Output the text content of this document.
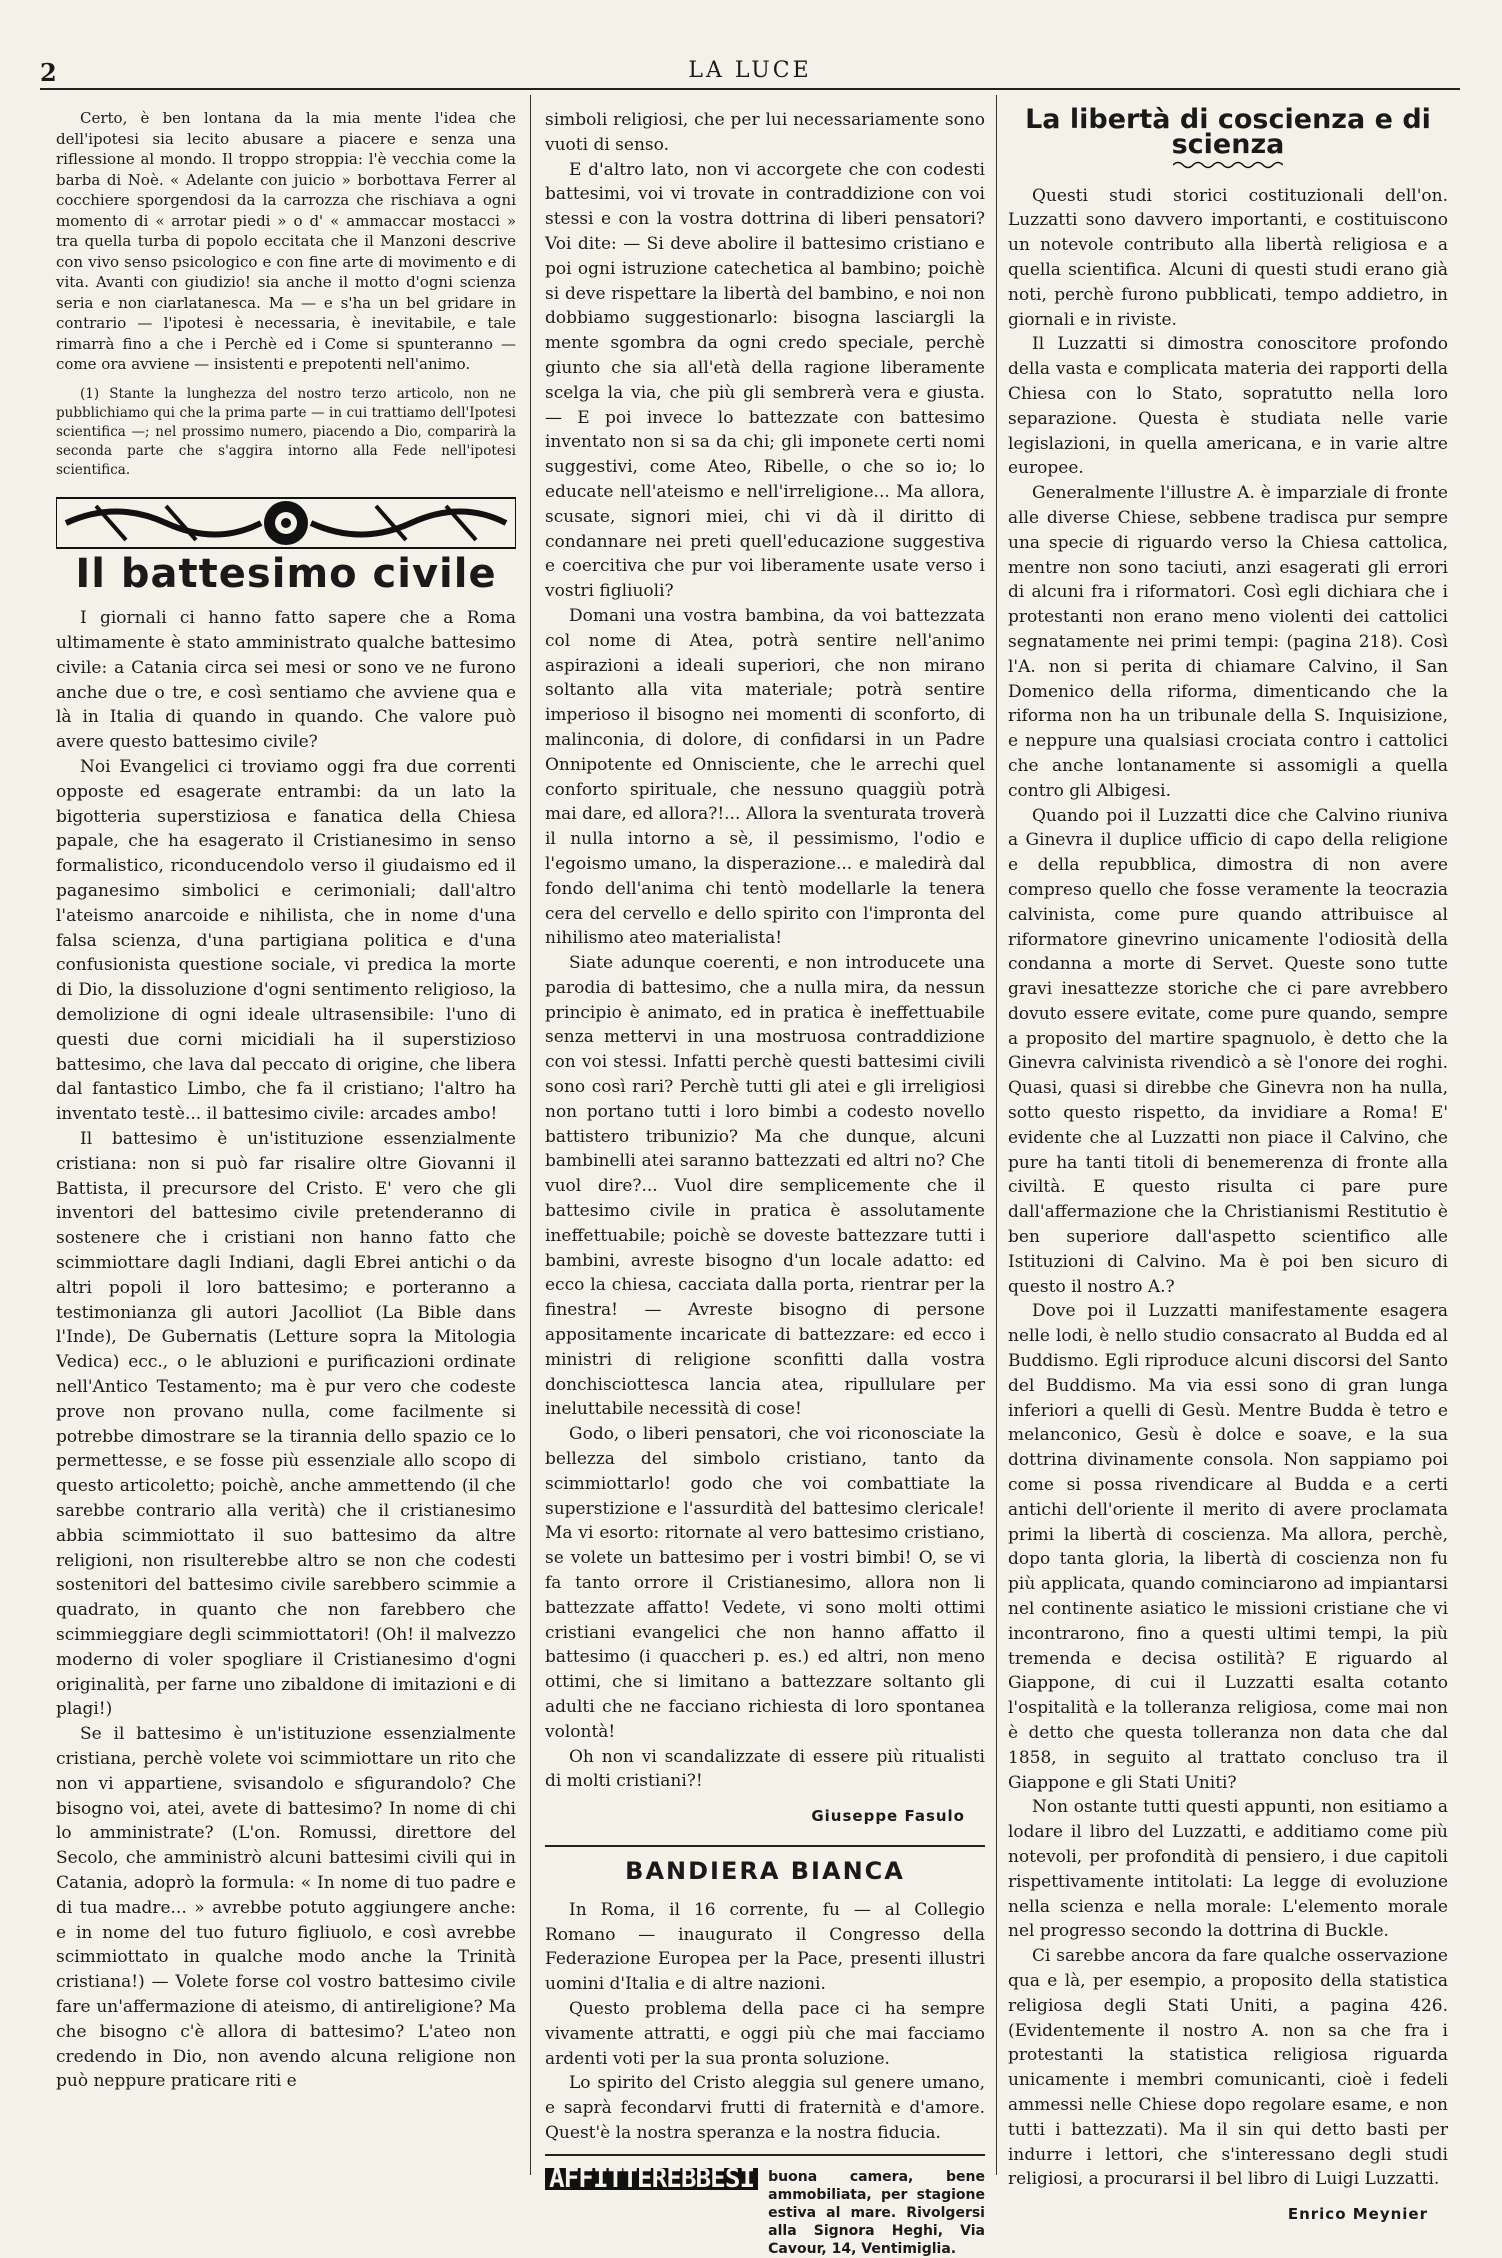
2	LA LUCE

Certo, è ben lontana da la mia mente l'idea che dell'ipotesi sia lecito abusare a piacere e senza una riflessione al mondo. Il troppo stroppia: l'è vecchia come la barba di Noè. « Adelante con juicio » borbottava Ferrer al cocchiere sporgendosi da la carrozza che rischiava a ogni momento di « arrotar piedi » o d' « ammaccar mostacci » tra quella turba di popolo eccitata che il Manzoni descrive con vivo senso psicologico e con fine arte di movimento e di vita. Avanti con giudizio! sia anche il motto d'ogni scienza seria e non ciarlatanesca. Ma — e s'ha un bel gridare in contrario — l'ipotesi è necessaria, è inevitabile, e tale rimarrà fino a che i Perchè ed i Come si spunteranno — come ora avviene — insistenti e prepotenti nell'animo.

(1) Stante la lunghezza del nostro terzo articolo, non ne pubblichiamo qui che la prima parte — in cui trattiamo dell'Ipotesi scientifica —; nel prossimo numero, piacendo a Dio, comparirà la seconda parte che s'aggira intorno alla Fede nell'ipotesi scientifica.

Il battesimo civile

I giornali ci hanno fatto sapere che a Roma ultimamente è stato amministrato qualche battesimo civile: a Catania circa sei mesi or sono ve ne furono anche due o tre, e così sentiamo che avviene qua e là in Italia di quando in quando. Che valore può avere questo battesimo civile?

Noi Evangelici ci troviamo oggi fra due correnti opposte ed esagerate entrambi: da un lato la bigotteria superstiziosa e fanatica della Chiesa papale, che ha esagerato il Cristianesimo in senso formalistico, riconducendolo verso il giudaismo ed il paganesimo simbolici e cerimoniali; dall'altro l'ateismo anarcoide e nihilista, che in nome d'una falsa scienza, d'una partigiana politica e d'una confusionista questione sociale, vi predica la morte di Dio, la dissoluzione d'ogni sentimento religioso, la demolizione di ogni ideale ultrasensibile: l'uno di questi due corni micidiali ha il superstizioso battesimo, che lava dal peccato di origine, che libera dal fantastico Limbo, che fa il cristiano; l'altro ha inventato testè... il battesimo civile: arcades ambo!

Il battesimo è un'istituzione essenzialmente cristiana: non si può far risalire oltre Giovanni il Battista, il precursore del Cristo. E' vero che gli inventori del battesimo civile pretenderanno di sostenere che i cristiani non hanno fatto che scimmiottare dagli Indiani, dagli Ebrei antichi o da altri popoli il loro battesimo; e porteranno a testimonianza gli autori Jacolliot (La Bible dans l'Inde), De Gubernatis (Letture sopra la Mitologia Vedica) ecc., o le abluzioni e purificazioni ordinate nell'Antico Testamento; ma è pur vero che codeste prove non provano nulla, come facilmente si potrebbe dimostrare se la tirannia dello spazio ce lo permettesse, e se fosse più essenziale allo scopo di questo articoletto; poichè, anche ammettendo (il che sarebbe contrario alla verità) che il cristianesimo abbia scimmiottato il suo battesimo da altre religioni, non risulterebbe altro se non che codesti sostenitori del battesimo civile sarebbero scimmie a quadrato, in quanto che non farebbero che scimmieggiare degli scimmiottatori! (Oh! il malvezzo moderno di voler spogliare il Cristianesimo d'ogni originalità, per farne uno zibaldone di imitazioni e di plagi!)

Se il battesimo è un'istituzione essenzialmente cristiana, perchè volete voi scimmiottare un rito che non vi appartiene, svisandolo e sfigurandolo? Che bisogno voi, atei, avete di battesimo? In nome di chi lo amministrate? (L'on. Romussi, direttore del Secolo, che amministrò alcuni battesimi civili qui in Catania, adoprò la formula: « In nome di tuo padre e di tua madre... » avrebbe potuto aggiungere anche: e in nome del tuo futuro figliuolo, e così avrebbe scimmiottato in qualche modo anche la Trinità cristiana!) — Volete forse col vostro battesimo civile fare un'affermazione di ateismo, di antireligione? Ma che bisogno c'è allora di battesimo? L'ateo non credendo in Dio, non avendo alcuna religione non può neppure praticare riti e

simboli religiosi, che per lui necessariamente sono vuoti di senso.

E d'altro lato, non vi accorgete che con codesti battesimi, voi vi trovate in contraddizione con voi stessi e con la vostra dottrina di liberi pensatori? Voi dite: — Si deve abolire il battesimo cristiano e poi ogni istruzione catechetica al bambino; poichè si deve rispettare la libertà del bambino, e noi non dobbiamo suggestionarlo: bisogna lasciargli la mente sgombra da ogni credo speciale, perchè giunto che sia all'età della ragione liberamente scelga la via, che più gli sembrerà vera e giusta. — E poi invece lo battezzate con battesimo inventato non si sa da chi; gli imponete certi nomi suggestivi, come Ateo, Ribelle, o che so io; lo educate nell'ateismo e nell'irreligione... Ma allora, scusate, signori miei, chi vi dà il diritto di condannare nei preti quell'educazione suggestiva e coercitiva che pur voi liberamente usate verso i vostri figliuoli?

Domani una vostra bambina, da voi battezzata col nome di Atea, potrà sentire nell'animo aspirazioni a ideali superiori, che non mirano soltanto alla vita materiale; potrà sentire imperioso il bisogno nei momenti di sconforto, di malinconia, di dolore, di confidarsi in un Padre Onnipotente ed Onnisciente, che le arrechi quel conforto spirituale, che nessuno quaggiù potrà mai dare, ed allora?!... Allora la sventurata troverà il nulla intorno a sè, il pessimismo, l'odio e l'egoismo umano, la disperazione... e maledirà dal fondo dell'anima chi tentò modellarle la tenera cera del cervello e dello spirito con l'impronta del nihilismo ateo materialista!

Siate adunque coerenti, e non introducete una parodia di battesimo, che a nulla mira, da nessun principio è animato, ed in pratica è ineffettuabile senza mettervi in una mostruosa contraddizione con voi stessi. Infatti perchè questi battesimi civili sono così rari? Perchè tutti gli atei e gli irreligiosi non portano tutti i loro bimbi a codesto novello battistero tribunizio? Ma che dunque, alcuni bambinelli atei saranno battezzati ed altri no? Che vuol dire?... Vuol dire semplicemente che il battesimo civile in pratica è assolutamente ineffettuabile; poichè se doveste battezzare tutti i bambini, avreste bisogno d'un locale adatto: ed ecco la chiesa, cacciata dalla porta, rientrar per la finestra! — Avreste bisogno di persone appositamente incaricate di battezzare: ed ecco i ministri di religione sconfitti dalla vostra donchisciottesca lancia atea, ripullulare per ineluttabile necessità di cose!

Godo, o liberi pensatori, che voi riconosciate la bellezza del simbolo cristiano, tanto da scimmiottarlo! godo che voi combattiate la superstizione e l'assurdità del battesimo clericale! Ma vi esorto: ritornate al vero battesimo cristiano, se volete un battesimo per i vostri bimbi! O, se vi fa tanto orrore il Cristianesimo, allora non li battezzate affatto! Vedete, vi sono molti ottimi cristiani evangelici che non hanno affatto il battesimo (i quaccheri p. es.) ed altri, non meno ottimi, che si limitano a battezzare soltanto gli adulti che ne facciano richiesta di loro spontanea volontà!

Oh non vi scandalizzate di essere più ritualisti di molti cristiani?!

Giuseppe Fasulo
BANDIERA BIANCA

In Roma, il 16 corrente, fu — al Collegio Romano — inaugurato il Congresso della Federazione Europea per la Pace, presenti illustri uomini d'Italia e di altre nazioni.

Questo problema della pace ci ha sempre vivamente attratti, e oggi più che mai facciamo ardenti voti per la sua pronta soluzione.

Lo spirito del Cristo aleggia sul genere umano, e saprà fecondarvi frutti di fraternità e d'amore. Quest'è la nostra speranza e la nostra fiducia.

AFFITTEREBBESI buona camera, bene ammobiliata, per stagione estiva al mare. Rivolgersi alla Signora Heghi, Via Cavour, 14, Ventimiglia.
La libertà di coscienza e di scienza

Questi studi storici costituzionali dell'on. Luzzatti sono davvero importanti, e costituiscono un notevole contributo alla libertà religiosa e a quella scientifica. Alcuni di questi studi erano già noti, perchè furono pubblicati, tempo addietro, in giornali e in riviste.

Il Luzzatti si dimostra conoscitore profondo della vasta e complicata materia dei rapporti della Chiesa con lo Stato, sopratutto nella loro separazione. Questa è studiata nelle varie legislazioni, in quella americana, e in varie altre europee.

Generalmente l'illustre A. è imparziale di fronte alle diverse Chiese, sebbene tradisca pur sempre una specie di riguardo verso la Chiesa cattolica, mentre non sono taciuti, anzi esagerati gli errori di alcuni fra i riformatori. Così egli dichiara che i protestanti non erano meno violenti dei cattolici segnatamente nei primi tempi: (pagina 218). Così l'A. non si perita di chiamare Calvino, il San Domenico della riforma, dimenticando che la riforma non ha un tribunale della S. Inquisizione, e neppure una qualsiasi crociata contro i cattolici che anche lontanamente si assomigli a quella contro gli Albigesi.

Quando poi il Luzzatti dice che Calvino riuniva a Ginevra il duplice ufficio di capo della religione e della repubblica, dimostra di non avere compreso quello che fosse veramente la teocrazia calvinista, come pure quando attribuisce al riformatore ginevrino unicamente l'odiosità della condanna a morte di Servet. Queste sono tutte gravi inesattezze storiche che ci pare avrebbero dovuto essere evitate, come pure quando, sempre a proposito del martire spagnuolo, è detto che la Ginevra calvinista rivendicò a sè l'onore dei roghi. Quasi, quasi si direbbe che Ginevra non ha nulla, sotto questo rispetto, da invidiare a Roma! E' evidente che al Luzzatti non piace il Calvino, che pure ha tanti titoli di benemerenza di fronte alla civiltà. E questo risulta ci pare pure dall'affermazione che la Christianismi Restitutio è ben superiore dall'aspetto scientifico alle Istituzioni di Calvino. Ma è poi ben sicuro di questo il nostro A.?

Dove poi il Luzzatti manifestamente esagera nelle lodi, è nello studio consacrato al Budda ed al Buddismo. Egli riproduce alcuni discorsi del Santo del Buddismo. Ma via essi sono di gran lunga inferiori a quelli di Gesù. Mentre Budda è tetro e melanconico, Gesù è dolce e soave, e la sua dottrina divinamente consola. Non sappiamo poi come si possa rivendicare al Budda e a certi antichi dell'oriente il merito di avere proclamata primi la libertà di coscienza. Ma allora, perchè, dopo tanta gloria, la libertà di coscienza non fu più applicata, quando cominciarono ad impiantarsi nel continente asiatico le missioni cristiane che vi incontrarono, fino a questi ultimi tempi, la più tremenda e decisa ostilità? E riguardo al Giappone, di cui il Luzzatti esalta cotanto l'ospitalità e la tolleranza religiosa, come mai non è detto che questa tolleranza non data che dal 1858, in seguito al trattato concluso tra il Giappone e gli Stati Uniti?

Non ostante tutti questi appunti, non esitiamo a lodare il libro del Luzzatti, e additiamo come più notevoli, per profondità di pensiero, i due capitoli rispettivamente intitolati: La legge di evoluzione nella scienza e nella morale: L'elemento morale nel progresso secondo la dottrina di Buckle.

Ci sarebbe ancora da fare qualche osservazione qua e là, per esempio, a proposito della statistica religiosa degli Stati Uniti, a pagina 426. (Evidentemente il nostro A. non sa che fra i protestanti la statistica religiosa riguarda unicamente i membri comunicanti, cioè i fedeli ammessi nelle Chiese dopo regolare esame, e non tutti i battezzati). Ma il sin qui detto basti per indurre i lettori, che s'interessano degli studi religiosi, a procurarsi il bel libro di Luigi Luzzatti.

Enrico Meynier
